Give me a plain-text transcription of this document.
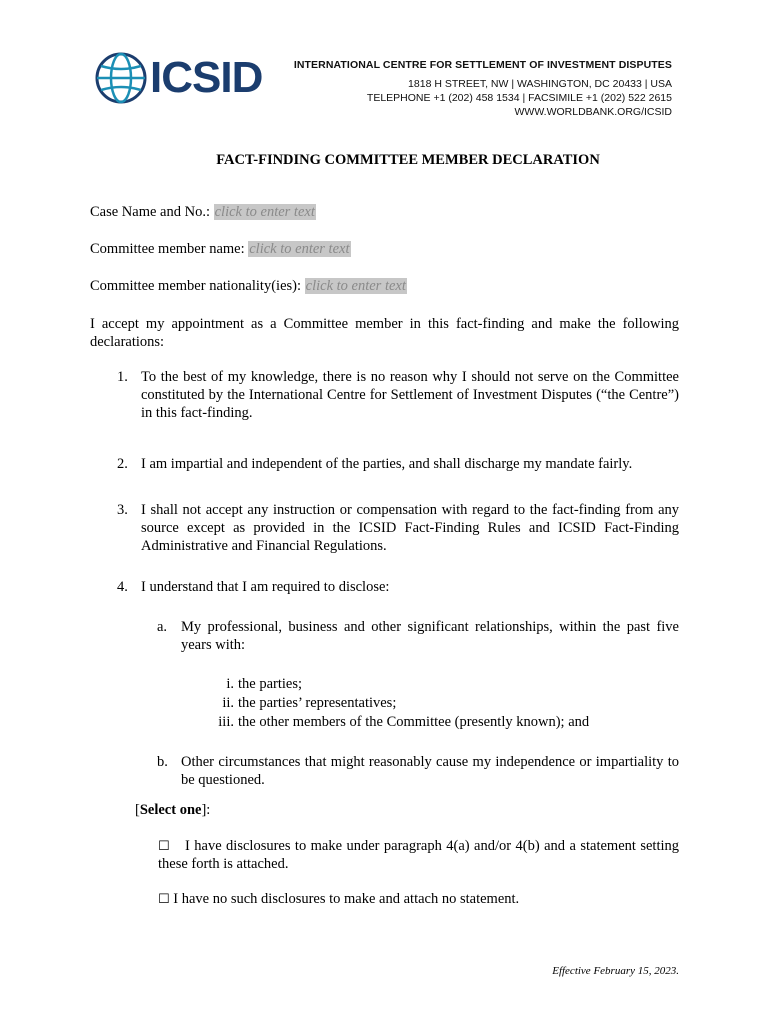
ICSID	INTERNATIONAL CENTRE FOR SETTLEMENT OF INVESTMENT DISPUTES
1818 H STREET, NW | WASHINGTON, DC 20433 | USA
TELEPHONE +1 (202) 458 1534 | FACSIMILE +1 (202) 522 2615
WWW.WORLDBANK.ORG/ICSID
FACT-FINDING COMMITTEE MEMBER DECLARATION
Case Name and No.: click to enter text
Committee member name: click to enter text
Committee member nationality(ies): click to enter text
I accept my appointment as a Committee member in this fact-finding and make the following declarations:
1. To the best of my knowledge, there is no reason why I should not serve on the Committee constituted by the International Centre for Settlement of Investment Disputes (“the Centre”) in this fact-finding.
2. I am impartial and independent of the parties, and shall discharge my mandate fairly.
3. I shall not accept any instruction or compensation with regard to the fact-finding from any source except as provided in the ICSID Fact-Finding Rules and ICSID Fact-Finding Administrative and Financial Regulations.
4. I understand that I am required to disclose:
a. My professional, business and other significant relationships, within the past five years with:
i. the parties;
ii. the parties’ representatives;
iii. the other members of the Committee (presently known); and
b. Other circumstances that might reasonably cause my independence or impartiality to be questioned.
[Select one]:
☐	I have disclosures to make under paragraph 4(a) and/or 4(b) and a statement setting these forth is attached.
☐ I have no such disclosures to make and attach no statement.
Effective February 15, 2023.
